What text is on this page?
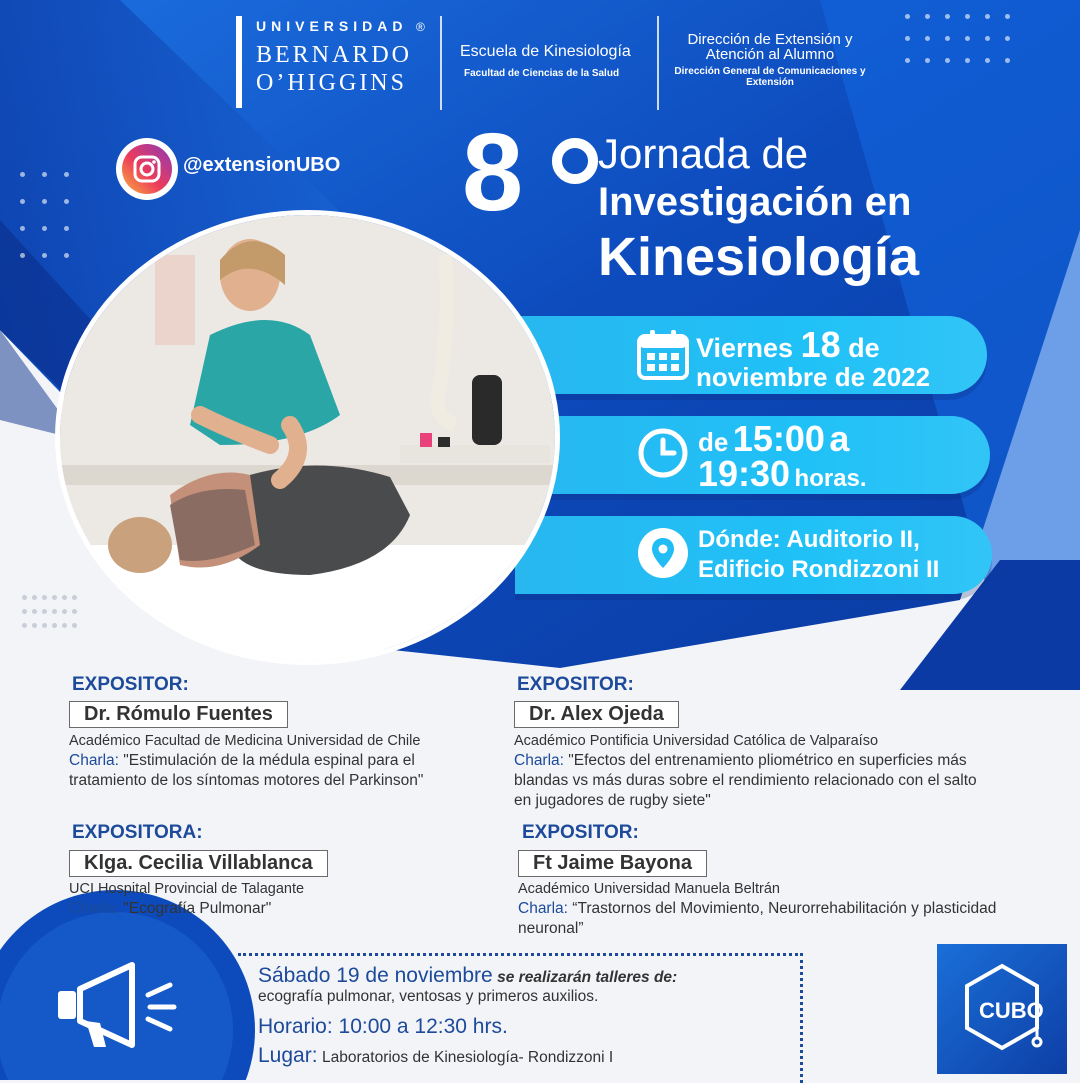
UNIVERSIDAD ®
BERNARDO
O’HIGGINS
Escuela de Kinesiología
Facultad de Ciencias de la Salud
Dirección de Extensión y Atención al Alumno
Dirección General de Comunicaciones y Extensión
@extensionUBO 8 Jornada de
Investigación en
Kinesiología
Viernes 18 de
noviembre de 2022
de 15:00 a
19:30 horas.
Dónde: Auditorio II,
Edificio Rondizzoni II
EXPOSITOR:
Dr. Rómulo Fuentes
Académico Facultad de Medicina Universidad de Chile
Charla: "Estimulación de la médula espinal para el tratamiento de los síntomas motores del Parkinson"
EXPOSITOR:
Dr. Alex Ojeda
Académico Pontificia Universidad Católica de Valparaíso
Charla: "Efectos del entrenamiento pliométrico en superficies más blandas vs más duras sobre el rendimiento relacionado con el salto en jugadores de rugby siete"
EXPOSITORA:
Klga. Cecilia Villablanca
UCI Hospital Provincial de Talagante
Charla: "Ecografía Pulmonar"
EXPOSITOR:
Ft Jaime Bayona
Académico Universidad Manuela Beltrán
Charla: “Trastornos del Movimiento, Neurorrehabilitación y plasticidad neuronal”
Sábado 19 de noviembre se realizarán talleres de:
ecografía pulmonar, ventosas y primeros auxilios.
Horario: 10:00 a 12:30 hrs.
Lugar: Laboratorios de Kinesiología- Rondizzoni I
CUBO
